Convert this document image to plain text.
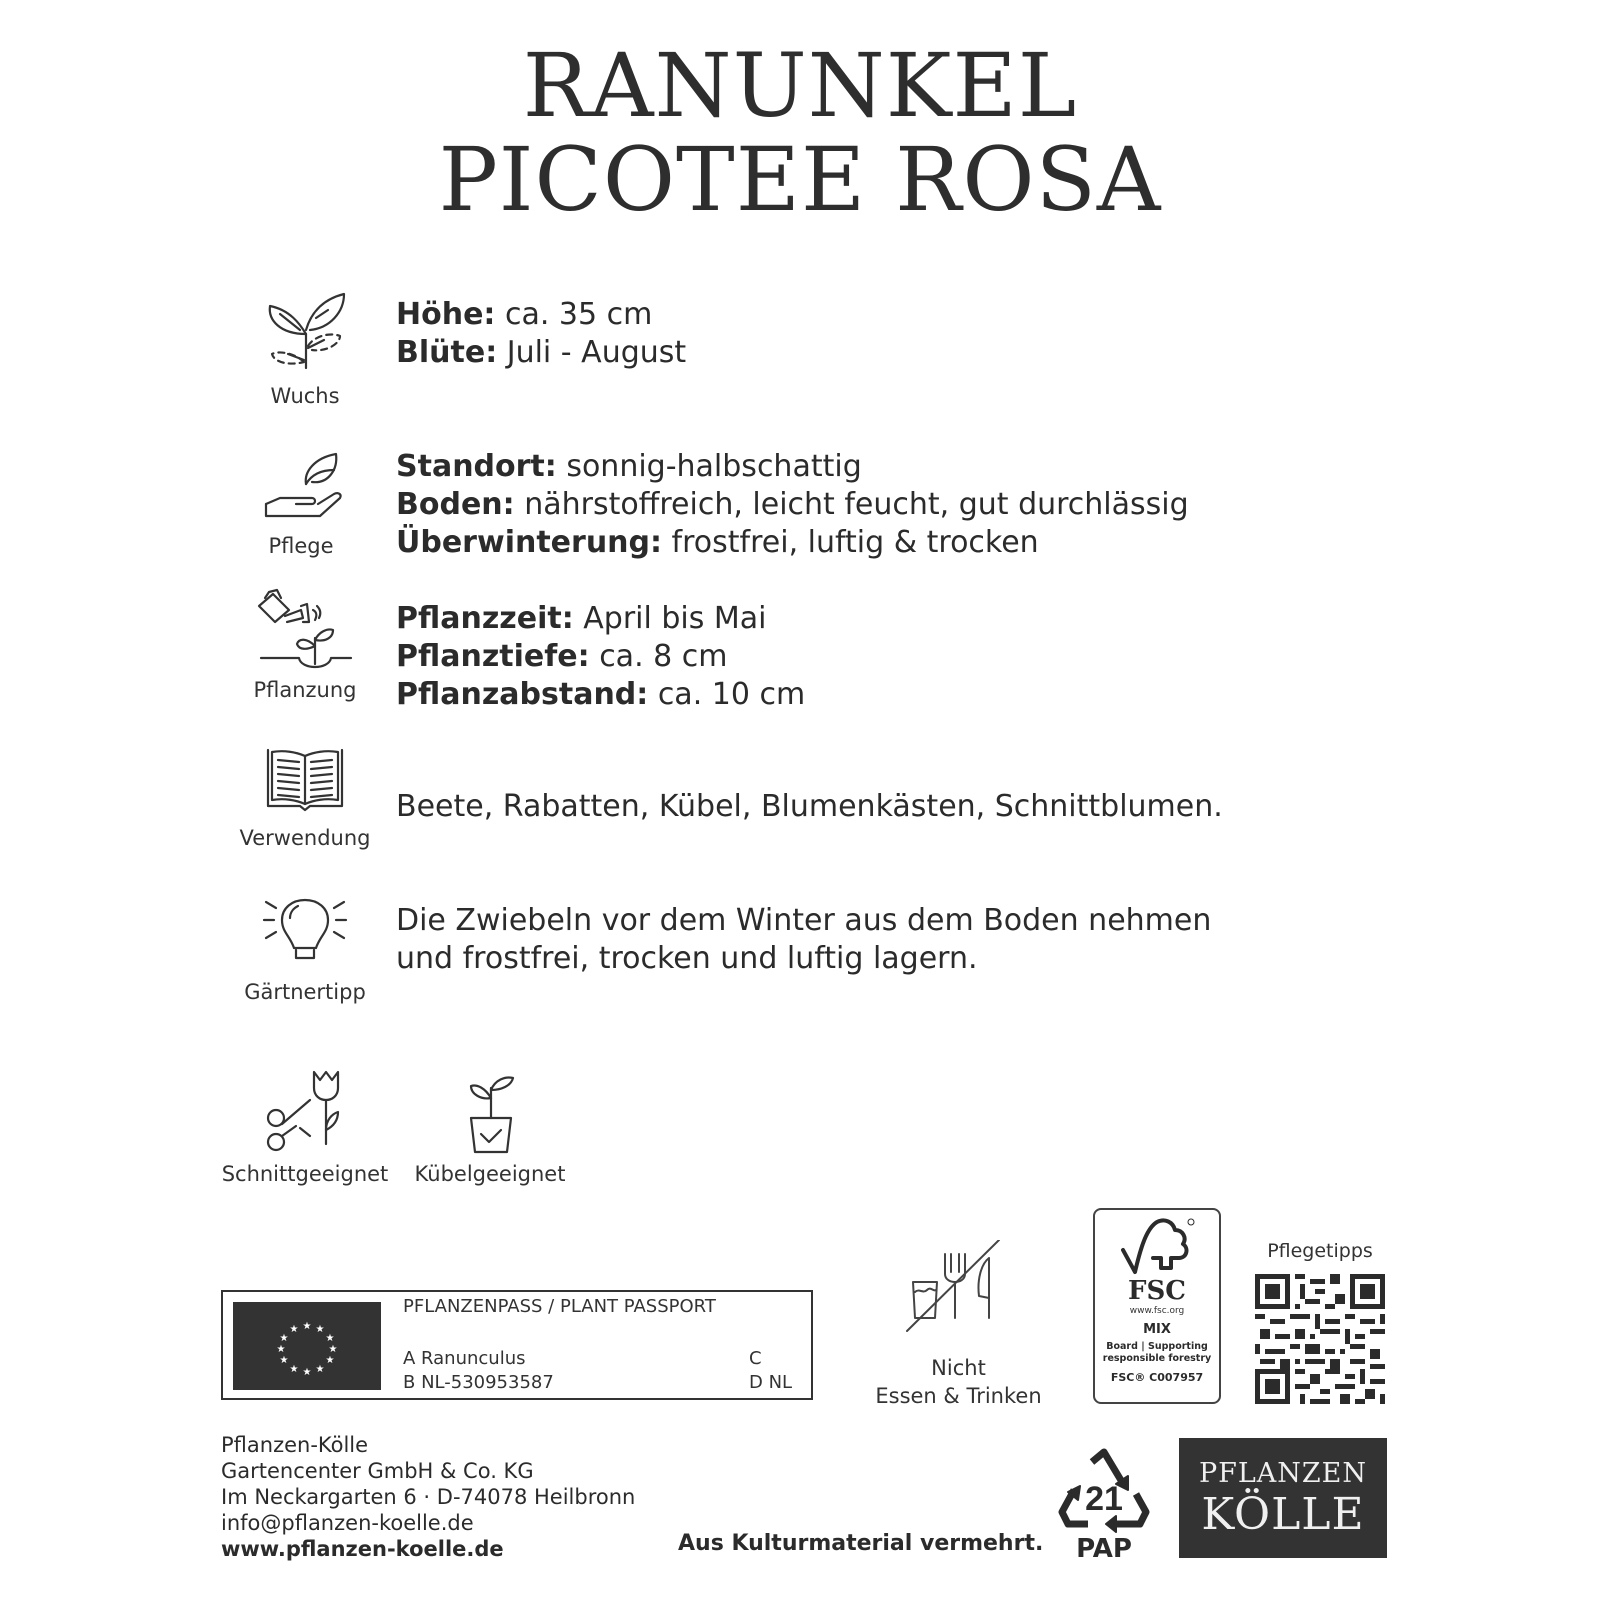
RANUNKEL
PICOTEE ROSA
Wuchs
Höhe: ca. 35 cm
Blüte: Juli - August
Pflege
Standort: sonnig-halbschattig
Boden: nährstoffreich, leicht feucht, gut durchlässig
Überwinterung: frostfrei, luftig & trocken
Pflanzung
Pflanzzeit: April bis Mai
Pflanztiefe: ca. 8 cm
Pflanzabstand: ca. 10 cm
Verwendung
Beete, Rabatten, Kübel, Blumenkästen, Schnittblumen.
Gärtnertipp
Die Zwiebeln vor dem Winter aus dem Boden nehmen
und frostfrei, trocken und luftig lagern.
Schnittgeeignet	Kübelgeeignet
★ ★
★
★
★
★
★
★
★
★
★
★
PFLANZENPASS / PLANT PASSPORT
A Ranunculus
B NL-530953587
C
D NL
Nicht
Essen & Trinken
FSC
www.fsc.org
MIX
Board | Supporting
responsible forestry
FSC® C007957
Pflegetipps
Pflanzen-Kölle
Gartencenter GmbH & Co. KG
Im Neckargarten 6 · D-74078 Heilbronn
info@pflanzen-koelle.de
www.pflanzen-koelle.de	Aus Kulturmaterial vermehrt.
21
PAP
PFLANZEN
KÖLLE
